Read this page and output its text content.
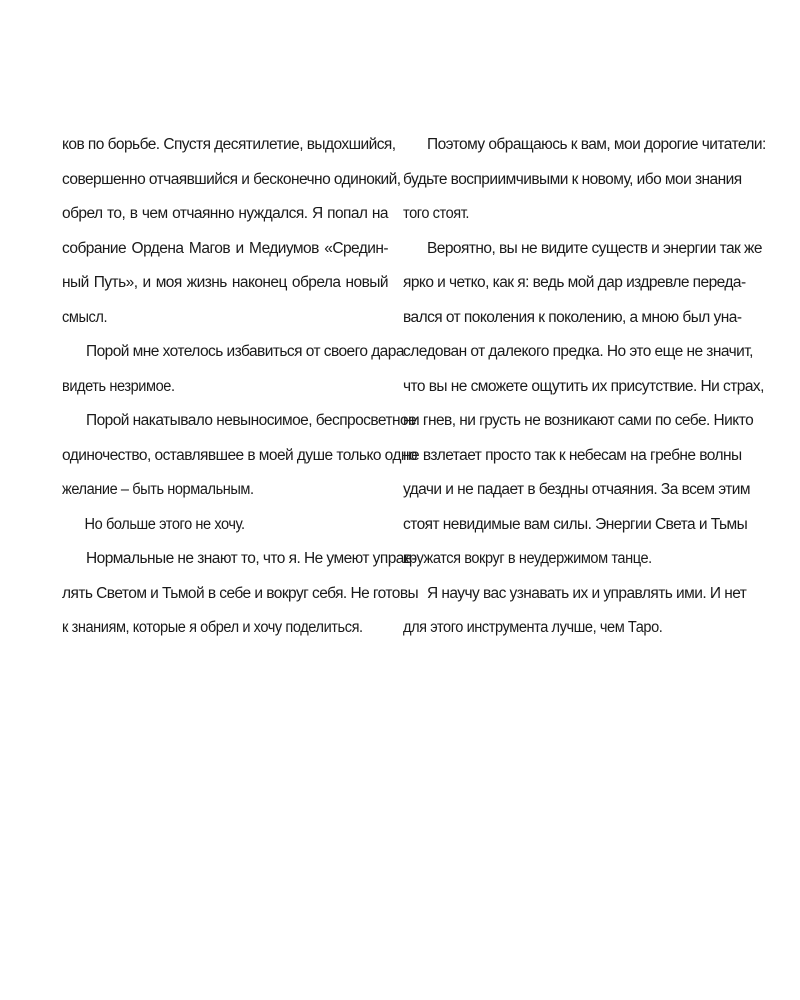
ков по борьбе. Спустя десятилетие, выдохшийся,
совершенно отчаявшийся и бесконечно одинокий,
обрел то, в чем отчаянно нуждался. Я попал на
собрание Ордена Магов и Медиумов «Средин-
ный Путь», и моя жизнь наконец обрела новый
смысл.
Порой мне хотелось избавиться от своего дара
видеть незримое.
Порой накатывало невыносимое, беспросветное
одиночество, оставлявшее в моей душе только одно
желание – быть нормальным.
Но больше этого не хочу.
Нормальные не знают то, что я. Не умеют управ-
лять Светом и Тьмой в себе и вокруг себя. Не готовы
к знаниям, которые я обрел и хочу поделиться.
Поэтому обращаюсь к вам, мои дорогие читатели:
будьте восприимчивыми к новому, ибо мои знания
того стоят.
Вероятно, вы не видите существ и энергии так же
ярко и четко, как я: ведь мой дар издревле переда-
вался от поколения к поколению, а мною был уна-
следован от далекого предка. Но это еще не значит,
что вы не сможете ощутить их присутствие. Ни страх,
ни гнев, ни грусть не возникают сами по себе. Никто
не взлетает просто так к небесам на гребне волны
удачи и не падает в бездны отчаяния. За всем этим
стоят невидимые вам силы. Энергии Света и Тьмы
кружатся вокруг в неудержимом танце.
Я научу вас узнавать их и управлять ими. И нет
для этого инструмента лучше, чем Таро.
